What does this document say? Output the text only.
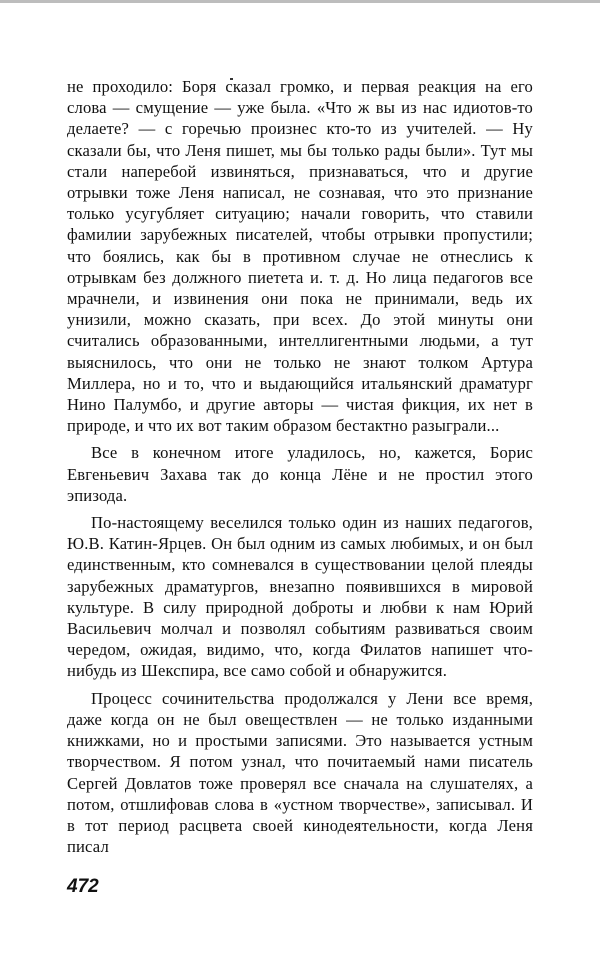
не проходило: Боря сказал громко, и первая реакция на его слова — смущение — уже была. «Что ж вы из нас идиотов-то делаете? — с горечью произнес кто-то из учителей. — Ну сказали бы, что Леня пишет, мы бы только рады были». Тут мы стали наперебой извиняться, признаваться, что и другие отрывки тоже Леня написал, не сознавая, что это признание только усугубляет ситуацию; начали говорить, что ставили фамилии зарубежных писателей, чтобы отрывки пропустили; что боялись, как бы в противном случае не отнеслись к отрывкам без должного пиетета и. т. д. Но лица педагогов все мрачнели, и извинения они пока не принимали, ведь их унизили, можно сказать, при всех. До этой минуты они считались образованными, интеллигентными людьми, а тут выяснилось, что они не только не знают толком Артура Миллера, но и то, что и выдающийся итальянский драматург Нино Палумбо, и другие авторы — чистая фикция, их нет в природе, и что их вот таким образом бестактно разыграли...

Все в конечном итоге уладилось, но, кажется, Борис Евгеньевич Захава так до конца Лёне и не простил этого эпизода.

По-настоящему веселился только один из наших педагогов, Ю.В. Катин-Ярцев. Он был одним из самых любимых, и он был единственным, кто сомневался в существовании целой плеяды зарубежных драматургов, внезапно появившихся в мировой культуре. В силу природной доброты и любви к нам Юрий Васильевич молчал и позволял событиям развиваться своим чередом, ожидая, видимо, что, когда Филатов напишет что-нибудь из Шекспира, все само собой и обнаружится.

Процесс сочинительства продолжался у Лени все время, даже когда он не был овеществлен — не только изданными книжками, но и простыми записями. Это называется устным творчеством. Я потом узнал, что почитаемый нами писатель Сергей Довлатов тоже проверял все сначала на слушателях, а потом, отшлифовав слова в «устном творчестве», записывал. И в тот период расцвета своей кинодеятельности, когда Леня писал

472
